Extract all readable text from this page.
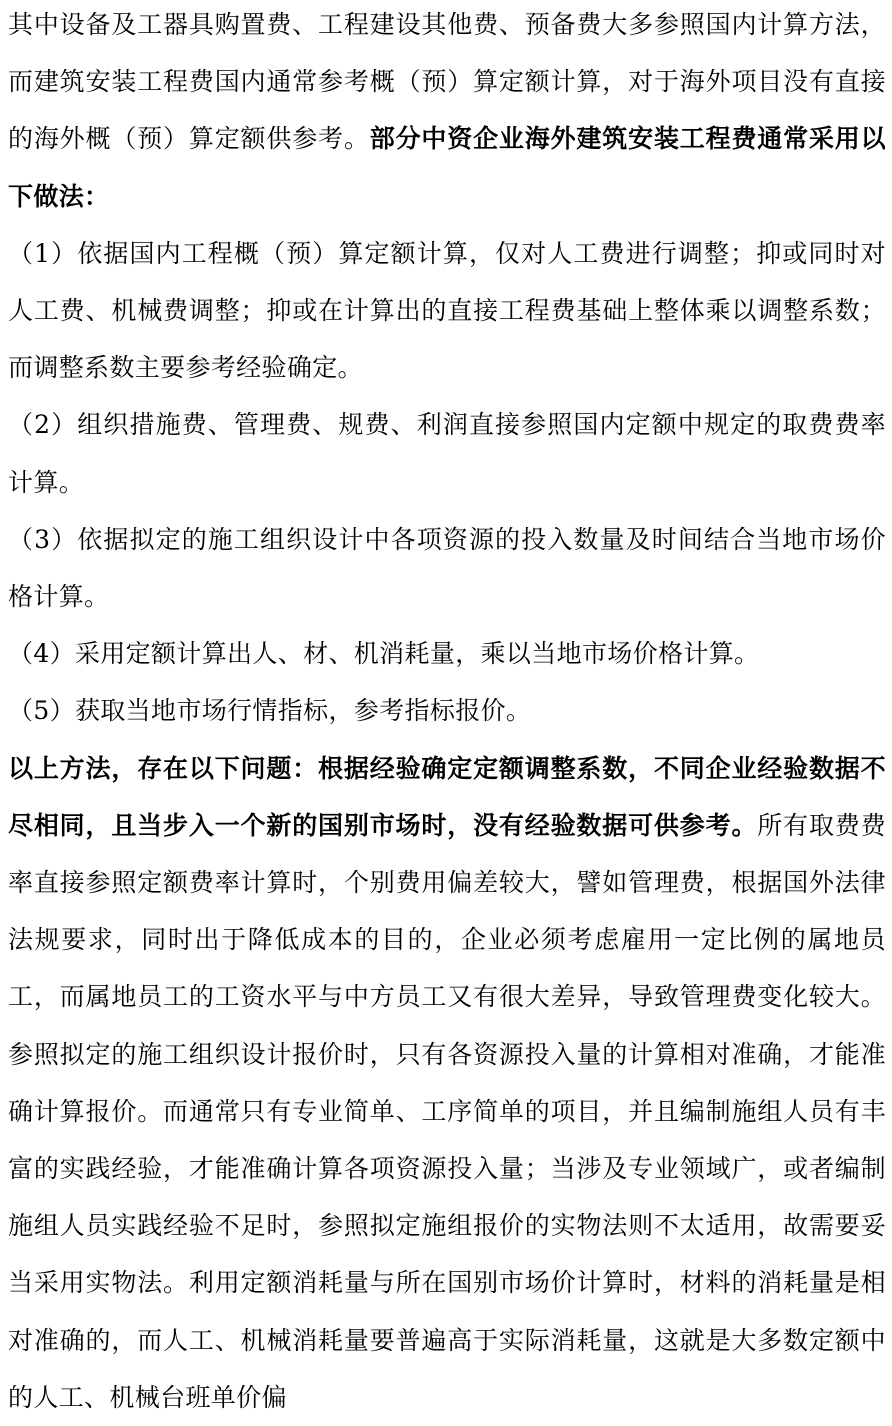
其中设备及工器具购置费、工程建设其他费、预备费大多参照国内计算方法，而建筑安装工程费国内通常参考概（预）算定额计算，对于海外项目没有直接的海外概（预）算定额供参考。部分中资企业海外建筑安装工程费通常采用以下做法：

（1）依据国内工程概（预）算定额计算，仅对人工费进行调整；抑或同时对人工费、机械费调整；抑或在计算出的直接工程费基础上整体乘以调整系数；而调整系数主要参考经验确定。

（2）组织措施费、管理费、规费、利润直接参照国内定额中规定的取费费率计算。

（3）依据拟定的施工组织设计中各项资源的投入数量及时间结合当地市场价格计算。

（4）采用定额计算出人、材、机消耗量，乘以当地市场价格计算。

（5）获取当地市场行情指标，参考指标报价。

以上方法，存在以下问题：根据经验确定定额调整系数，不同企业经验数据不尽相同，且当步入一个新的国别市场时，没有经验数据可供参考。所有取费费率直接参照定额费率计算时，个别费用偏差较大，譬如管理费，根据国外法律法规要求，同时出于降低成本的目的，企业必须考虑雇用一定比例的属地员工，而属地员工的工资水平与中方员工又有很大差异，导致管理费变化较大。参照拟定的施工组织设计报价时，只有各资源投入量的计算相对准确，才能准确计算报价。而通常只有专业简单、工序简单的项目，并且编制施组人员有丰富的实践经验，才能准确计算各项资源投入量；当涉及专业领域广，或者编制施组人员实践经验不足时，参照拟定施组报价的实物法则不太适用，故需要妥当采用实物法。利用定额消耗量与所在国别市场价计算时，材料的消耗量是相对准确的，而人工、机械消耗量要普遍高于实际消耗量，这就是大多数定额中的人工、机械台班单价偏
